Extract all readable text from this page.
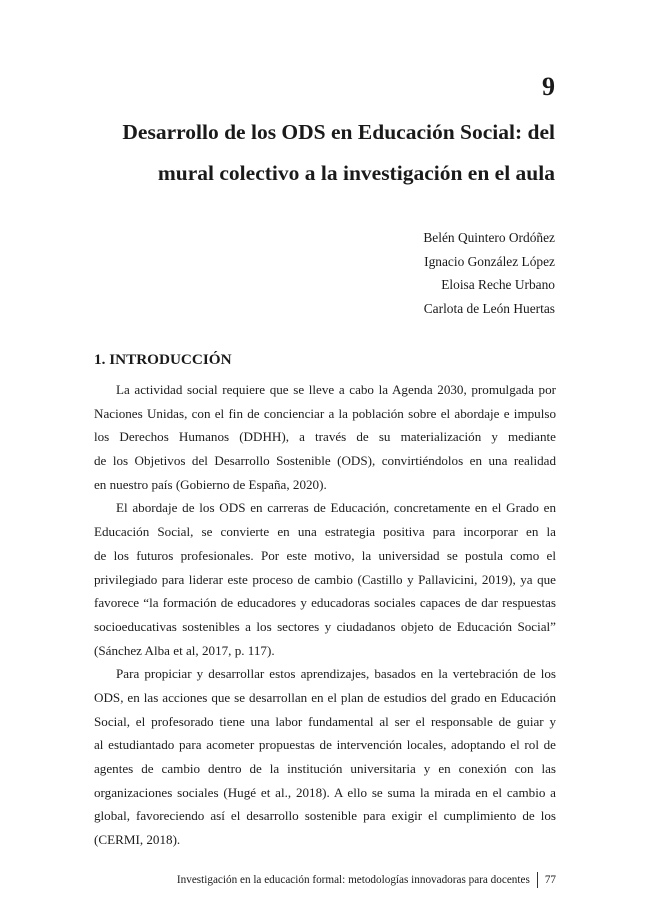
9
Desarrollo de los ODS en Educación Social: del
mural colectivo a la investigación en el aula
Belén Quintero Ordóñez
Ignacio González López
Eloisa Reche Urbano
Carlota de León Huertas
1. INTRODUCCIÓN
La actividad social requiere que se lleve a cabo la Agenda 2030, promulgada por
Naciones Unidas, con el fin de concienciar a la población sobre el abordaje e impulso
los Derechos Humanos (DDHH), a través de su materialización y mediante
de los Objetivos del Desarrollo Sostenible (ODS), convirtiéndolos en una realidad
en nuestro país (Gobierno de España, 2020).
El abordaje de los ODS en carreras de Educación, concretamente en el Grado en
Educación Social, se convierte en una estrategia positiva para incorporar en la
de los futuros profesionales. Por este motivo, la universidad se postula como el
privilegiado para liderar este proceso de cambio (Castillo y Pallavicini, 2019), ya que
favorece “la formación de educadores y educadoras sociales capaces de dar respuestas
socioeducativas sostenibles a los sectores y ciudadanos objeto de Educación Social”
(Sánchez Alba et al, 2017, p. 117).
Para propiciar y desarrollar estos aprendizajes, basados en la vertebración de los
ODS, en las acciones que se desarrollan en el plan de estudios del grado en Educación
Social, el profesorado tiene una labor fundamental al ser el responsable de guiar y
al estudiantado para acometer propuestas de intervención locales, adoptando el rol de
agentes de cambio dentro de la institución universitaria y en conexión con las
organizaciones sociales (Hugé et al., 2018). A ello se suma la mirada en el cambio a
global, favoreciendo así el desarrollo sostenible para exigir el cumplimiento de los
(CERMI, 2018).
Investigación en la educación formal: metodologías innovadoras para docentes 77
